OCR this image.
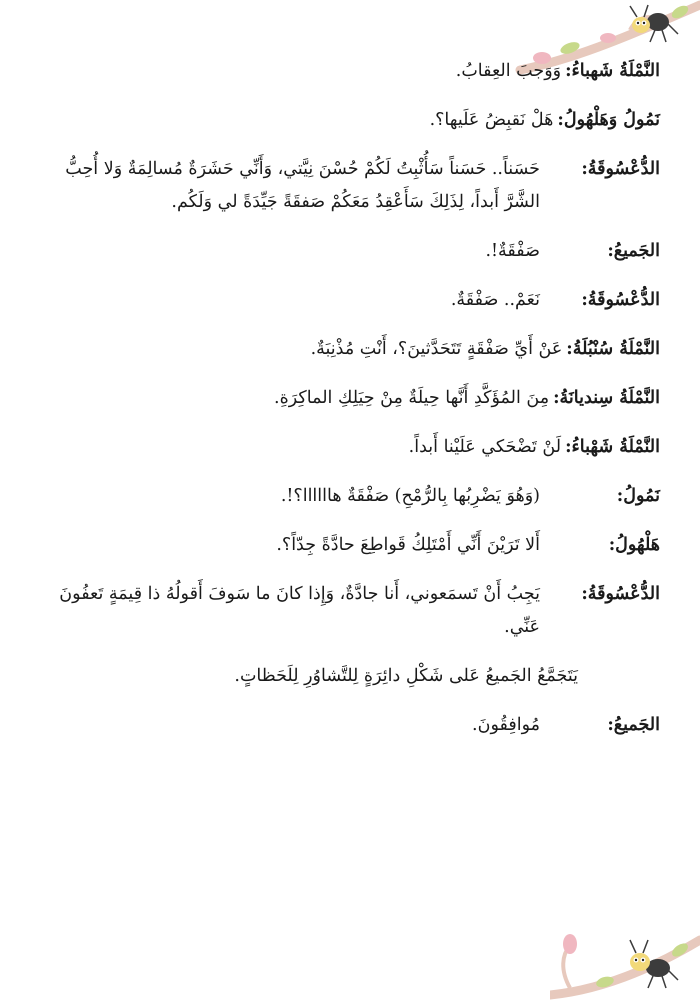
النَّمْلَةُ شَهباءُ:
وَوَجبَ العِقابُ.
نَمُولُ وَهَلْهُولُ:
هَلْ نَقبِضُ عَلَيها؟.
الدُّعْسُوقَةُ:
حَسَناً.. حَسَناً سَأُثْبِتُ لَكُمْ حُسْنَ نِيَّتي، وَأَنِّي حَشَرَةٌ مُسالِمَةٌ وَلا أُحِبُّ الشَّرَّ أَبداً، لِذَلِكَ سَأَعْقِدُ مَعَكُمْ صَفقَةً جَيِّدَةً لي وَلَكُم.
الجَميعُ:
صَفْقَةٌ!.
الدُّعْسُوقَةُ:
نَعَمْ.. صَفْقَةٌ.
النَّمْلَةُ سُنْبُلَةُ:
عَنْ أَيِّ صَفْقَةٍ تَتَحَدَّثينَ؟، أَنْتِ مُذْنِبَةٌ.
النَّمْلَةُ سِنديانَةُ:
مِنَ المُؤَكَّدِ أَنَّها حِيلَةٌ مِنْ حِيَلِكِ الماكِرَةِ.
النَّمْلَةُ شَهْباءُ:
لَنْ تَضْحَكي عَلَيْنا أَبداً.
نَمُولُ:
(وَهُوَ يَضْرِبُها بِالرُّمْحِ) صَفْقَةٌ هاااااا؟!.
هَلْهُولُ:
أَلا تَرَيْنَ أَنِّي أَمْتَلِكُ قَواطِعَ حادَّةً جِدّاً؟.
الدُّعْسُوقَةُ:
يَجِبُ أَنْ تَسمَعوني، أَنا جادَّةٌ، وَإِذا كانَ ما سَوفَ أَقولُهُ ذا قِيمَةٍ تَعفُونَ عَنِّي.
يَتَجَمَّعُ الجَميعُ عَلى شَكْلِ دائِرَةٍ لِلتَّشاوُرِ لِلَحَظاتٍ.
الجَميعُ:
مُوافِقُونَ.
